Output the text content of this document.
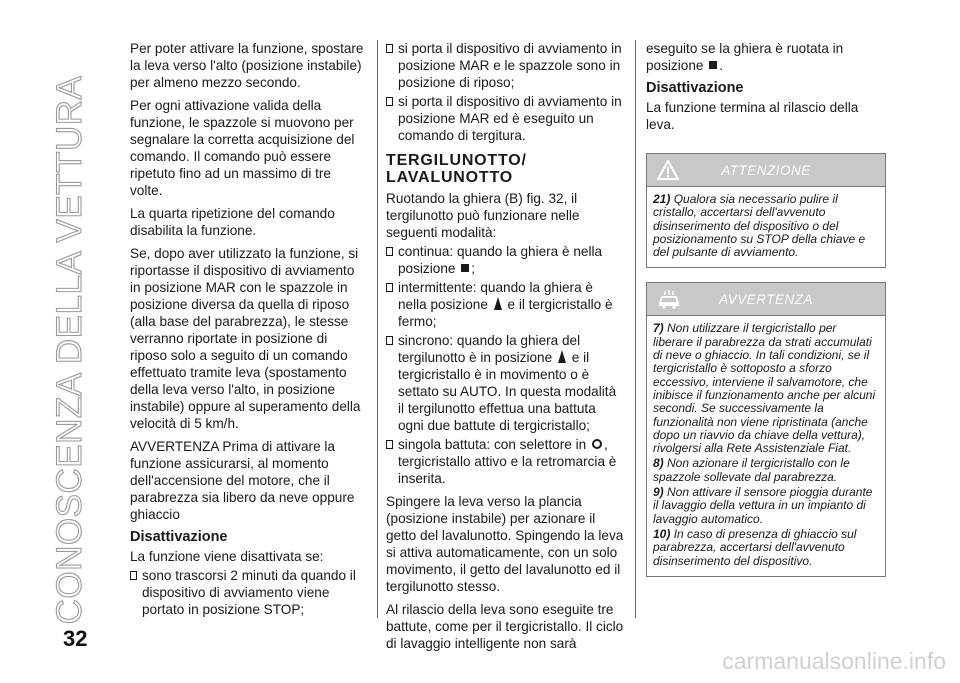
CONOSCENZA DELLA VETTURA
32

Per poter attivare la funzione, spostare la leva verso l'alto (posizione instabile) per almeno mezzo secondo.

Per ogni attivazione valida della funzione, le spazzole si muovono per segnalare la corretta acquisizione del comando. Il comando può essere ripetuto fino ad un massimo di tre volte.

La quarta ripetizione del comando disabilita la funzione.

Se, dopo aver utilizzato la funzione, si riportasse il dispositivo di avviamento in posizione MAR con le spazzole in posizione diversa da quella di riposo (alla base del parabrezza), le stesse verranno riportate in posizione di riposo solo a seguito di un comando effettuato tramite leva (spostamento della leva verso l'alto, in posizione instabile) oppure al superamento della velocità di 5 km/h.

AVVERTENZA Prima di attivare la funzione assicurarsi, al momento dell'accensione del motore, che il parabrezza sia libero da neve oppure ghiaccio

Disattivazione

La funzione viene disattivata se:

sono trascorsi 2 minuti da quando il dispositivo di avviamento viene portato in posizione STOP;
si porta il dispositivo di avviamento in posizione MAR e le spazzole sono in posizione di riposo;
si porta il dispositivo di avviamento in posizione MAR ed è eseguito un comando di tergitura.
TERGILUNOTTO/
LAVALUNOTTO

Ruotando la ghiera (B) fig. 32, il tergilunotto può funzionare nelle seguenti modalità:

continua: quando la ghiera è nella posizione ;
intermittente: quando la ghiera è nella posizione e il tergicristallo è fermo;
sincrono: quando la ghiera del tergilunotto è in posizione e il tergicristallo è in movimento o è settato su AUTO. In questa modalità il tergilunotto effettua una battuta ogni due battute di tergicristallo;
singola battuta: con selettore in , tergicristallo attivo e la retromarcia è inserita.

Spingere la leva verso la plancia (posizione instabile) per azionare il getto del lavalunotto. Spingendo la leva si attiva automaticamente, con un solo movimento, il getto del lavalunotto ed il tergilunotto stesso.

Al rilascio della leva sono eseguite tre battute, come per il tergicristallo. Il ciclo di lavaggio intelligente non sarà

eseguito se la ghiera è ruotata in posizione .

Disattivazione

La funzione termina al rilascio della leva.

ATTENZIONE

21) Qualora sia necessario pulire il cristallo, accertarsi dell'avvenuto disinserimento del dispositivo o del posizionamento su STOP della chiave e del pulsante di avviamento.

AVVERTENZA

7) Non utilizzare il tergicristallo per liberare il parabrezza da strati accumulati di neve o ghiaccio. In tali condizioni, se il tergicristallo è sottoposto a sforzo eccessivo, interviene il salvamotore, che inibisce il funzionamento anche per alcuni secondi. Se successivamente la funzionalità non viene ripristinata (anche dopo un riavvio da chiave della vettura), rivolgersi alla Rete Assistenziale Fiat.

8) Non azionare il tergicristallo con le spazzole sollevate dal parabrezza.

9) Non attivare il sensore pioggia durante il lavaggio della vettura in un impianto di lavaggio automatico.

10) In caso di presenza di ghiaccio sul parabrezza, accertarsi dell'avvenuto disinserimento del dispositivo.

carmanualsonline.info
